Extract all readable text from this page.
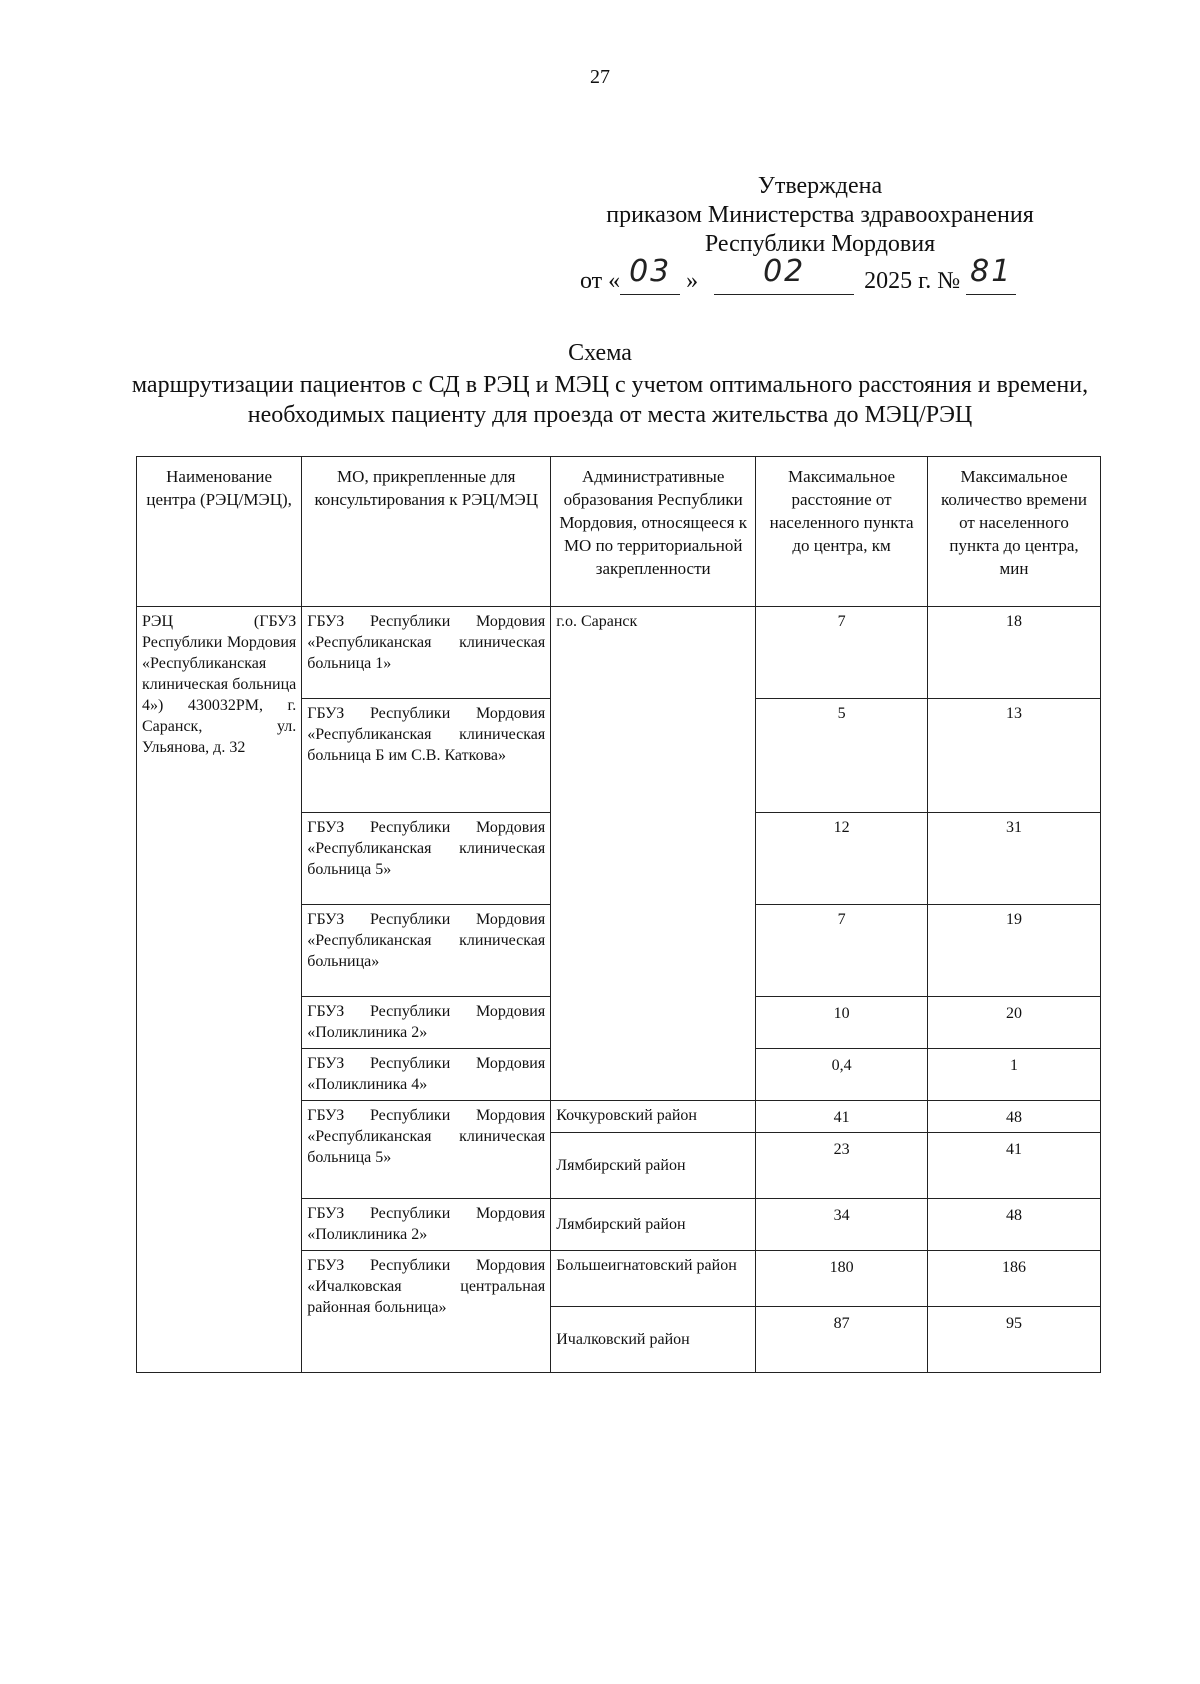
27
Утверждена
приказом Министерства здравоохранения
Республики Мордовия
от « 03 »	02	2025 г. № 81
Схема
маршрутизации пациентов с СД в РЭЦ и МЭЦ с учетом оптимального расстояния и времени, необходимых пациенту для проезда от места жительства до МЭЦ/РЭЦ
Наименование центра (РЭЦ/МЭЦ),	МО, прикрепленные для консультирования к РЭЦ/МЭЦ	Административные образования Республики Мордовия, относящееся к МО по территориальной закрепленности	Максимальное расстояние от населенного пункта до центра, км	Максимальное количество времени от населенного пункта до центра, мин
РЭЦ (ГБУЗ Республики Мордовия «Республиканская клиническая больница 4») 430032РМ, г. Саранск, ул. Ульянова, д. 32	ГБУЗ Республики Мордовия «Республиканская клиническая больница 1»	г.о. Саранск	7	18
	ГБУЗ Республики Мордовия «Республиканская клиническая больница Б им С.В. Каткова»		5	13
	ГБУЗ Республики Мордовия «Республиканская клиническая больница 5»		12	31
	ГБУЗ Республики Мордовия «Республиканская клиническая больница»		7	19
	ГБУЗ Республики Мордовия «Поликлиника 2»		10	20
	ГБУЗ Республики Мордовия «Поликлиника 4»		0,4	1
	ГБУЗ Республики Мордовия «Республиканская клиническая больница 5»	Кочкуровский район	41	48
		Лямбирский район	23	41
	ГБУЗ Республики Мордовия «Поликлиника 2»	Лямбирский район	34	48
	ГБУЗ Республики Мордовия «Ичалковская центральная районная больница»	Большеигнатовский район	180	186
		Ичалковский район	87	95
